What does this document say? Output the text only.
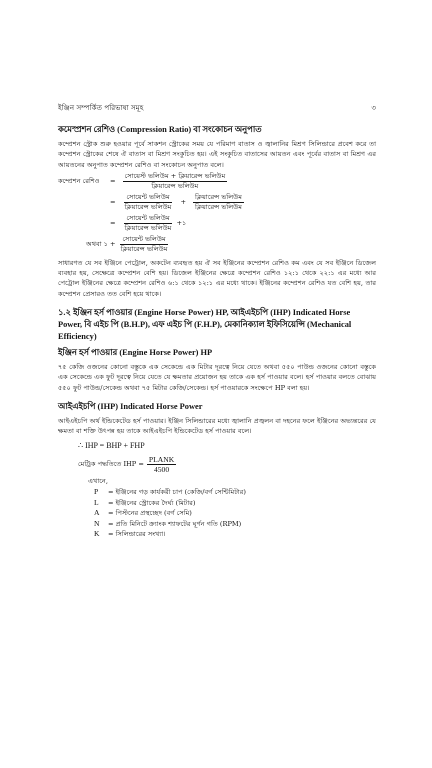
ইঞ্জিন সম্পর্কিত পরিভাষা সমূহ	৩
কমেস্প্রশন রেশিও (Compression Ratio) বা সংকোচন অনুপাত

কম্প্রেশন স্ট্রোক শুরু হওয়ার পূর্বে সাকশন স্ট্রোকের সময় যে পরিমাণ বাতাস ও জ্বালানির মিশ্রণ সিলিন্ডারে প্রবেশ করে তা কম্প্রেশন স্ট্রোকের শেষে ঐ বাতাস বা মিশ্রণ সংকুচিত হয়। এই সংকুচিত বাতাসের আয়তন এবং পূর্বের বাতাস বা মিশ্রণ এর আয়তনের অনুপাত কম্প্রেশন রেশিও বা সংকোচন অনুপাত বলে।

কম্প্রেশন রেশিও	= $\frac{\text{সোয়েস্ট ভলিউম + ক্লিয়ারেন্স ভলিউম}}{\text{ক্লিয়ারেন্স ভলিউম}}$
= $\frac{\text{সোয়েন্ট ভলিউম}}{\text{ক্লিয়ারেন্স ভলিউম}} + \frac{\text{ক্লিয়ারেন্স ভলিউম}}{\text{ক্লিয়ারেন্স ভলিউম}}$
= $\frac{\text{সোয়েন্ট ভলিউম}}{\text{ক্লিয়ারেন্স ভলিউম}}$ +১
অথবা ১ + $\frac{\text{সোয়েন্ট ভলিউম}}{\text{ক্লিয়ারেন্স ভলিউম}}$

সাধারণত যে সব ইঞ্জিনে পেট্রোল, অকটেন ব্যবহৃত হয় ঐ সব ইঞ্জিনের কম্প্রেশন রেশিও কম এবং যে সব ইঞ্জিনে ডিজেল ব্যবহার হয়, সেক্ষেত্রে কম্প্রেশন বেশি হয়। ডিজেল ইঞ্জিনের ক্ষেত্রে কম্প্রেশন রেশিও ১২:১ থেকে ২২:১ এর মধ্যে আর পেট্রোল ইঞ্জিনের ক্ষেত্রে কম্প্রেশন রেশিও ৬:১ থেকে ১২:১ এর মধ্যে থাকে। ইঞ্জিনের কম্প্রেশন রেশিও যত বেশি হয়, তার কম্প্রেশন প্রেসারও তত বেশি হয়ে থাকে।

১.২ ইঞ্জিন হর্স পাওয়ার (Engine Horse Power) HP, আইএইচপি (IHP) Indicated Horse Power, বি এইচ পি (B.H.P), এফ এইচ পি (F.H.P), মেকানিক্যাল ইফিসিয়েন্সি (Mechanical Efficiency)
ইঞ্জিন হর্স পাওয়ার (Engine Horse Power) HP

৭৫ কেজি ওজনের কোনো বস্তুকে এক সেকেন্ডে এক মিটার দূরত্বে নিয়ে যেতে অথবা ৫৫০ পাউন্ড ওজনের কোনো বস্তুকে এক সেকেন্ডে এক ফুট দূরত্বে নিয়ে যেতে যে ক্ষমতার প্রয়োজন হয় তাকে এক হর্স পাওয়ার বলে। হর্স পাওয়ার বলতে বোঝায় ৫৫০ ফুট পাউন্ড/সেকেন্ড অথবা ৭৫ মিটার কেজি/সেকেন্ড। হর্স পাওয়ারকে সংক্ষেপে HP বলা হয়।

আইএইচপি (IHP) Indicated Horse Power

আইএইচপি অর্থ ইন্ডিকেটেড হর্স পাওয়ার। ইঞ্জিন সিলিন্ডারের মধ্যে জ্বালানি প্রজ্বলন বা দহনের ফলে ইঞ্জিনের অভ্যন্তরের যে ক্ষমতা বা শক্তি উৎপন্ন হয় তাকে আইএইচপি ইন্ডিকেটেড হর্স পাওয়ার বলে।

∴ IHP = BHP + FHP
মেট্রিক পদ্ধতিতে IHP = $\frac{\text{PLANK}}{4500}$
এখানে,
P = ইঞ্জিনের গড় কার্যকরী চাপ (কেজি/বর্গ সেন্টিমিটার)
L = ইঞ্জিনের স্ট্রোকের দৈর্ঘ্য (মিটার)
A = পিস্টনের প্রস্থচ্ছেদ (বর্গ সেমি)
N = প্রতি মিনিটে ক্র্যাংক শ্যাফটের ঘূর্ণন গতি (RPM)
K = সিলিন্ডারের সংখ্যা।
